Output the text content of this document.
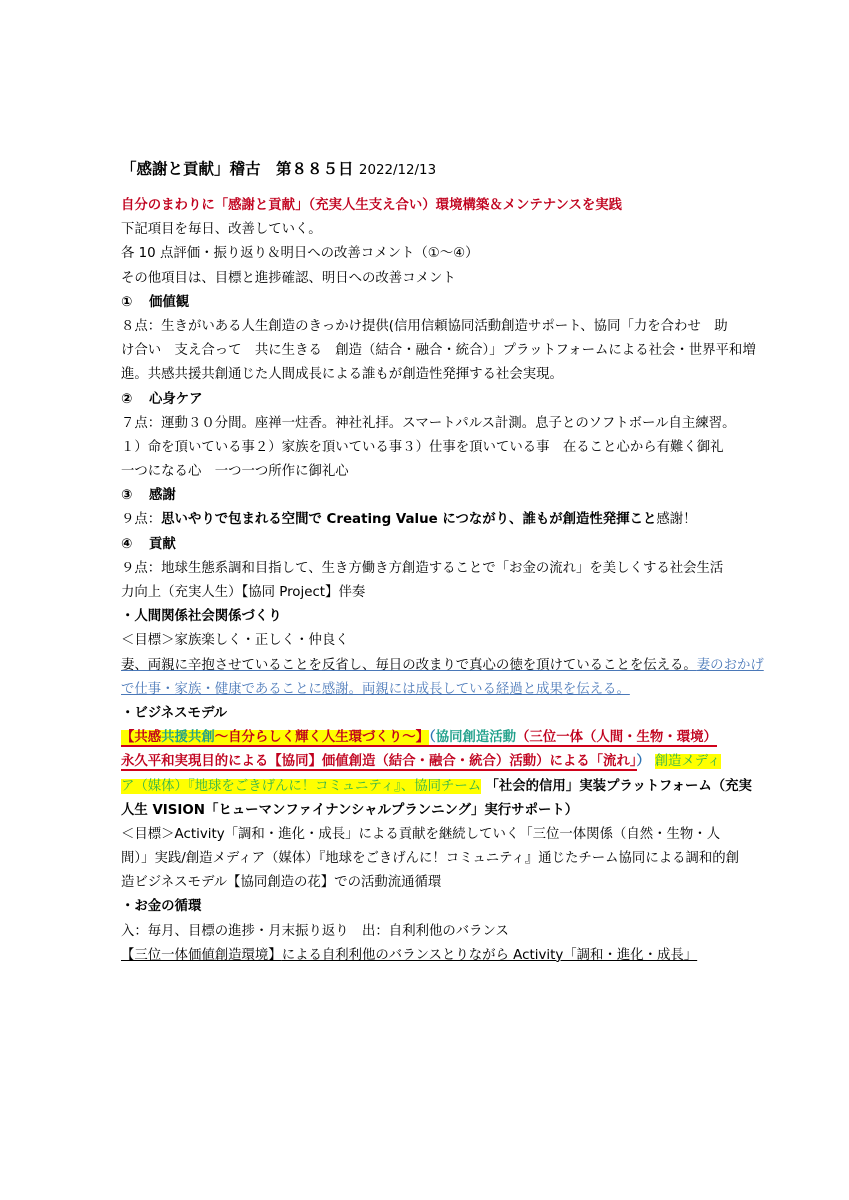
「感謝と貢献」稽古　第８８５日 2022/12/13
自分のまわりに「感謝と貢献」（充実人生支え合い）環境構築＆メンテナンスを実践
下記項目を毎日、改善していく。
各 10 点評価・振り返り＆明日への改善コメント（①～④）
その他項目は、目標と進捗確認、明日への改善コメント
① 価値観
８点：生きがいある人生創造のきっかけ提供(信用信頼協同活動創造サポート、協同「力を合わせ　助
け合い　支え合って　共に生きる　創造（結合・融合・統合）」プラットフォームによる社会・世界平和増
進。共感共援共創通じた人間成長による誰もが創造性発揮する社会実現。
② 心身ケア
７点：運動３０分間。座禅一炷香。神社礼拝。スマートパルス計測。息子とのソフトボール自主練習。
１）命を頂いている事２）家族を頂いている事３）仕事を頂いている事　在ること心から有難く御礼
一つになる心　一つ一つ所作に御礼心
③ 感謝
９点：思いやりで包まれる空間で Creating Value につながり、誰もが創造性発揮こと感謝！
④ 貢献
９点：地球生態系調和目指して、生き方働き方創造することで「お金の流れ」を美しくする社会生活
力向上（充実人生）【協同 Project】伴奏
・人間関係社会関係づくり
＜目標＞家族楽しく・正しく・仲良く
妻、両親に辛抱させていることを反省し、毎日の改まりで真心の徳を頂けていることを伝える。妻のおかげ
で仕事・家族・健康であることに感謝。両親には成長している経過と成果を伝える。
・ビジネスモデル
【共感共援共創～自分らしく輝く人生環づくり～】（協同創造活動（三位一体（人間・生物・環境）
永久平和実現目的による【協同】価値創造（結合・融合・統合）活動）による「流れ」） 創造メディ
ア（媒体）『地球をごきげんに！コミュニティ』、協同チーム 「社会的信用」実装プラットフォーム（充実
人生 VISION「ヒューマンファイナンシャルプランニング」実行サポート）
＜目標＞Activity「調和・進化・成長」による貢献を継続していく「三位一体関係（自然・生物・人
間）」実践/創造メディア（媒体）『地球をごきげんに！コミュニティ』通じたチーム協同による調和的創
造ビジネスモデル【協同創造の花】での活動流通循環
・お金の循環
入：毎月、目標の進捗・月末振り返り　出：自利利他のバランス
【三位一体価値創造環境】による自利利他のバランスとりながら Activity「調和・進化・成長」
